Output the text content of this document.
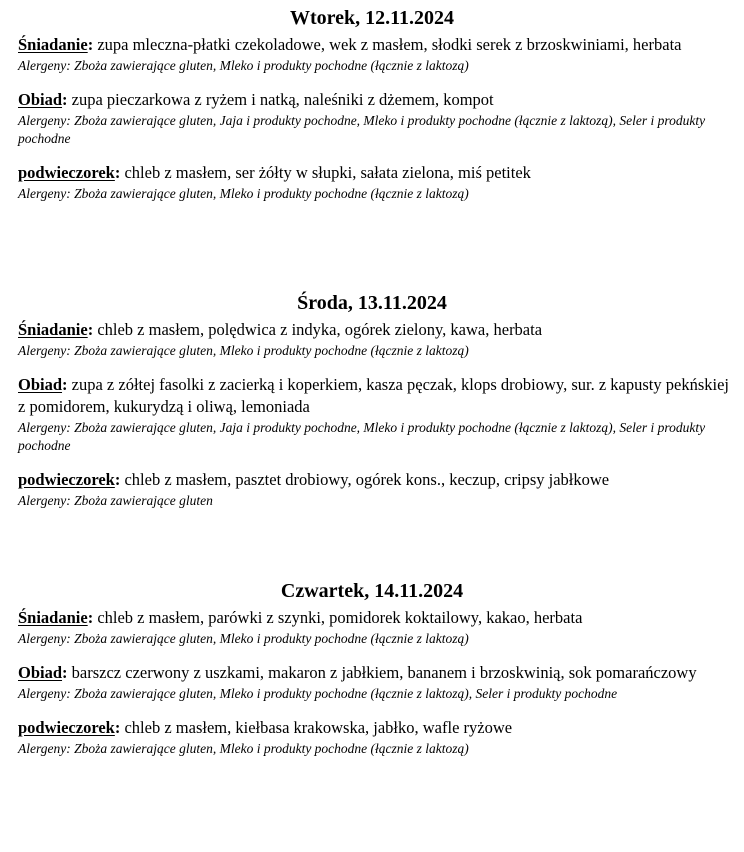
Wtorek, 12.11.2024
Śniadanie: zupa mleczna-płatki czekoladowe, wek z masłem, słodki serek z brzoskwiniami, herbata
Alergeny: Zboża zawierające gluten, Mleko i produkty pochodne (łącznie z laktozą)
Obiad: zupa pieczarkowa z ryżem i natką, naleśniki z dżemem, kompot
Alergeny: Zboża zawierające gluten, Jaja i produkty pochodne, Mleko i produkty pochodne (łącznie z laktozą), Seler i produkty pochodne
podwieczorek: chleb z masłem, ser żółty w słupki, sałata zielona, miś petitek
Alergeny: Zboża zawierające gluten, Mleko i produkty pochodne (łącznie z laktozą)
Środa, 13.11.2024
Śniadanie: chleb z masłem, polędwica z indyka, ogórek zielony, kawa, herbata
Alergeny: Zboża zawierające gluten, Mleko i produkty pochodne (łącznie z laktozą)
Obiad: zupa z zółtej fasolki z zacierką i koperkiem, kasza pęczak, klops drobiowy, sur. z kapusty pekńskiej z pomidorem, kukurydzą i oliwą, lemoniada
Alergeny: Zboża zawierające gluten, Jaja i produkty pochodne, Mleko i produkty pochodne (łącznie z laktozą), Seler i produkty pochodne
podwieczorek: chleb z masłem, pasztet drobiowy, ogórek kons., keczup, cripsy jabłkowe
Alergeny: Zboża zawierające gluten
Czwartek, 14.11.2024
Śniadanie: chleb z masłem, parówki z szynki, pomidorek koktailowy, kakao, herbata
Alergeny: Zboża zawierające gluten, Mleko i produkty pochodne (łącznie z laktozą)
Obiad: barszcz czerwony z uszkami, makaron z jabłkiem, bananem i brzoskwinią, sok pomarańczowy
Alergeny: Zboża zawierające gluten, Mleko i produkty pochodne (łącznie z laktozą), Seler i produkty pochodne
podwieczorek: chleb z masłem, kiełbasa krakowska, jabłko, wafle ryżowe
Alergeny: Zboża zawierające gluten, Mleko i produkty pochodne (łącznie z laktozą)
